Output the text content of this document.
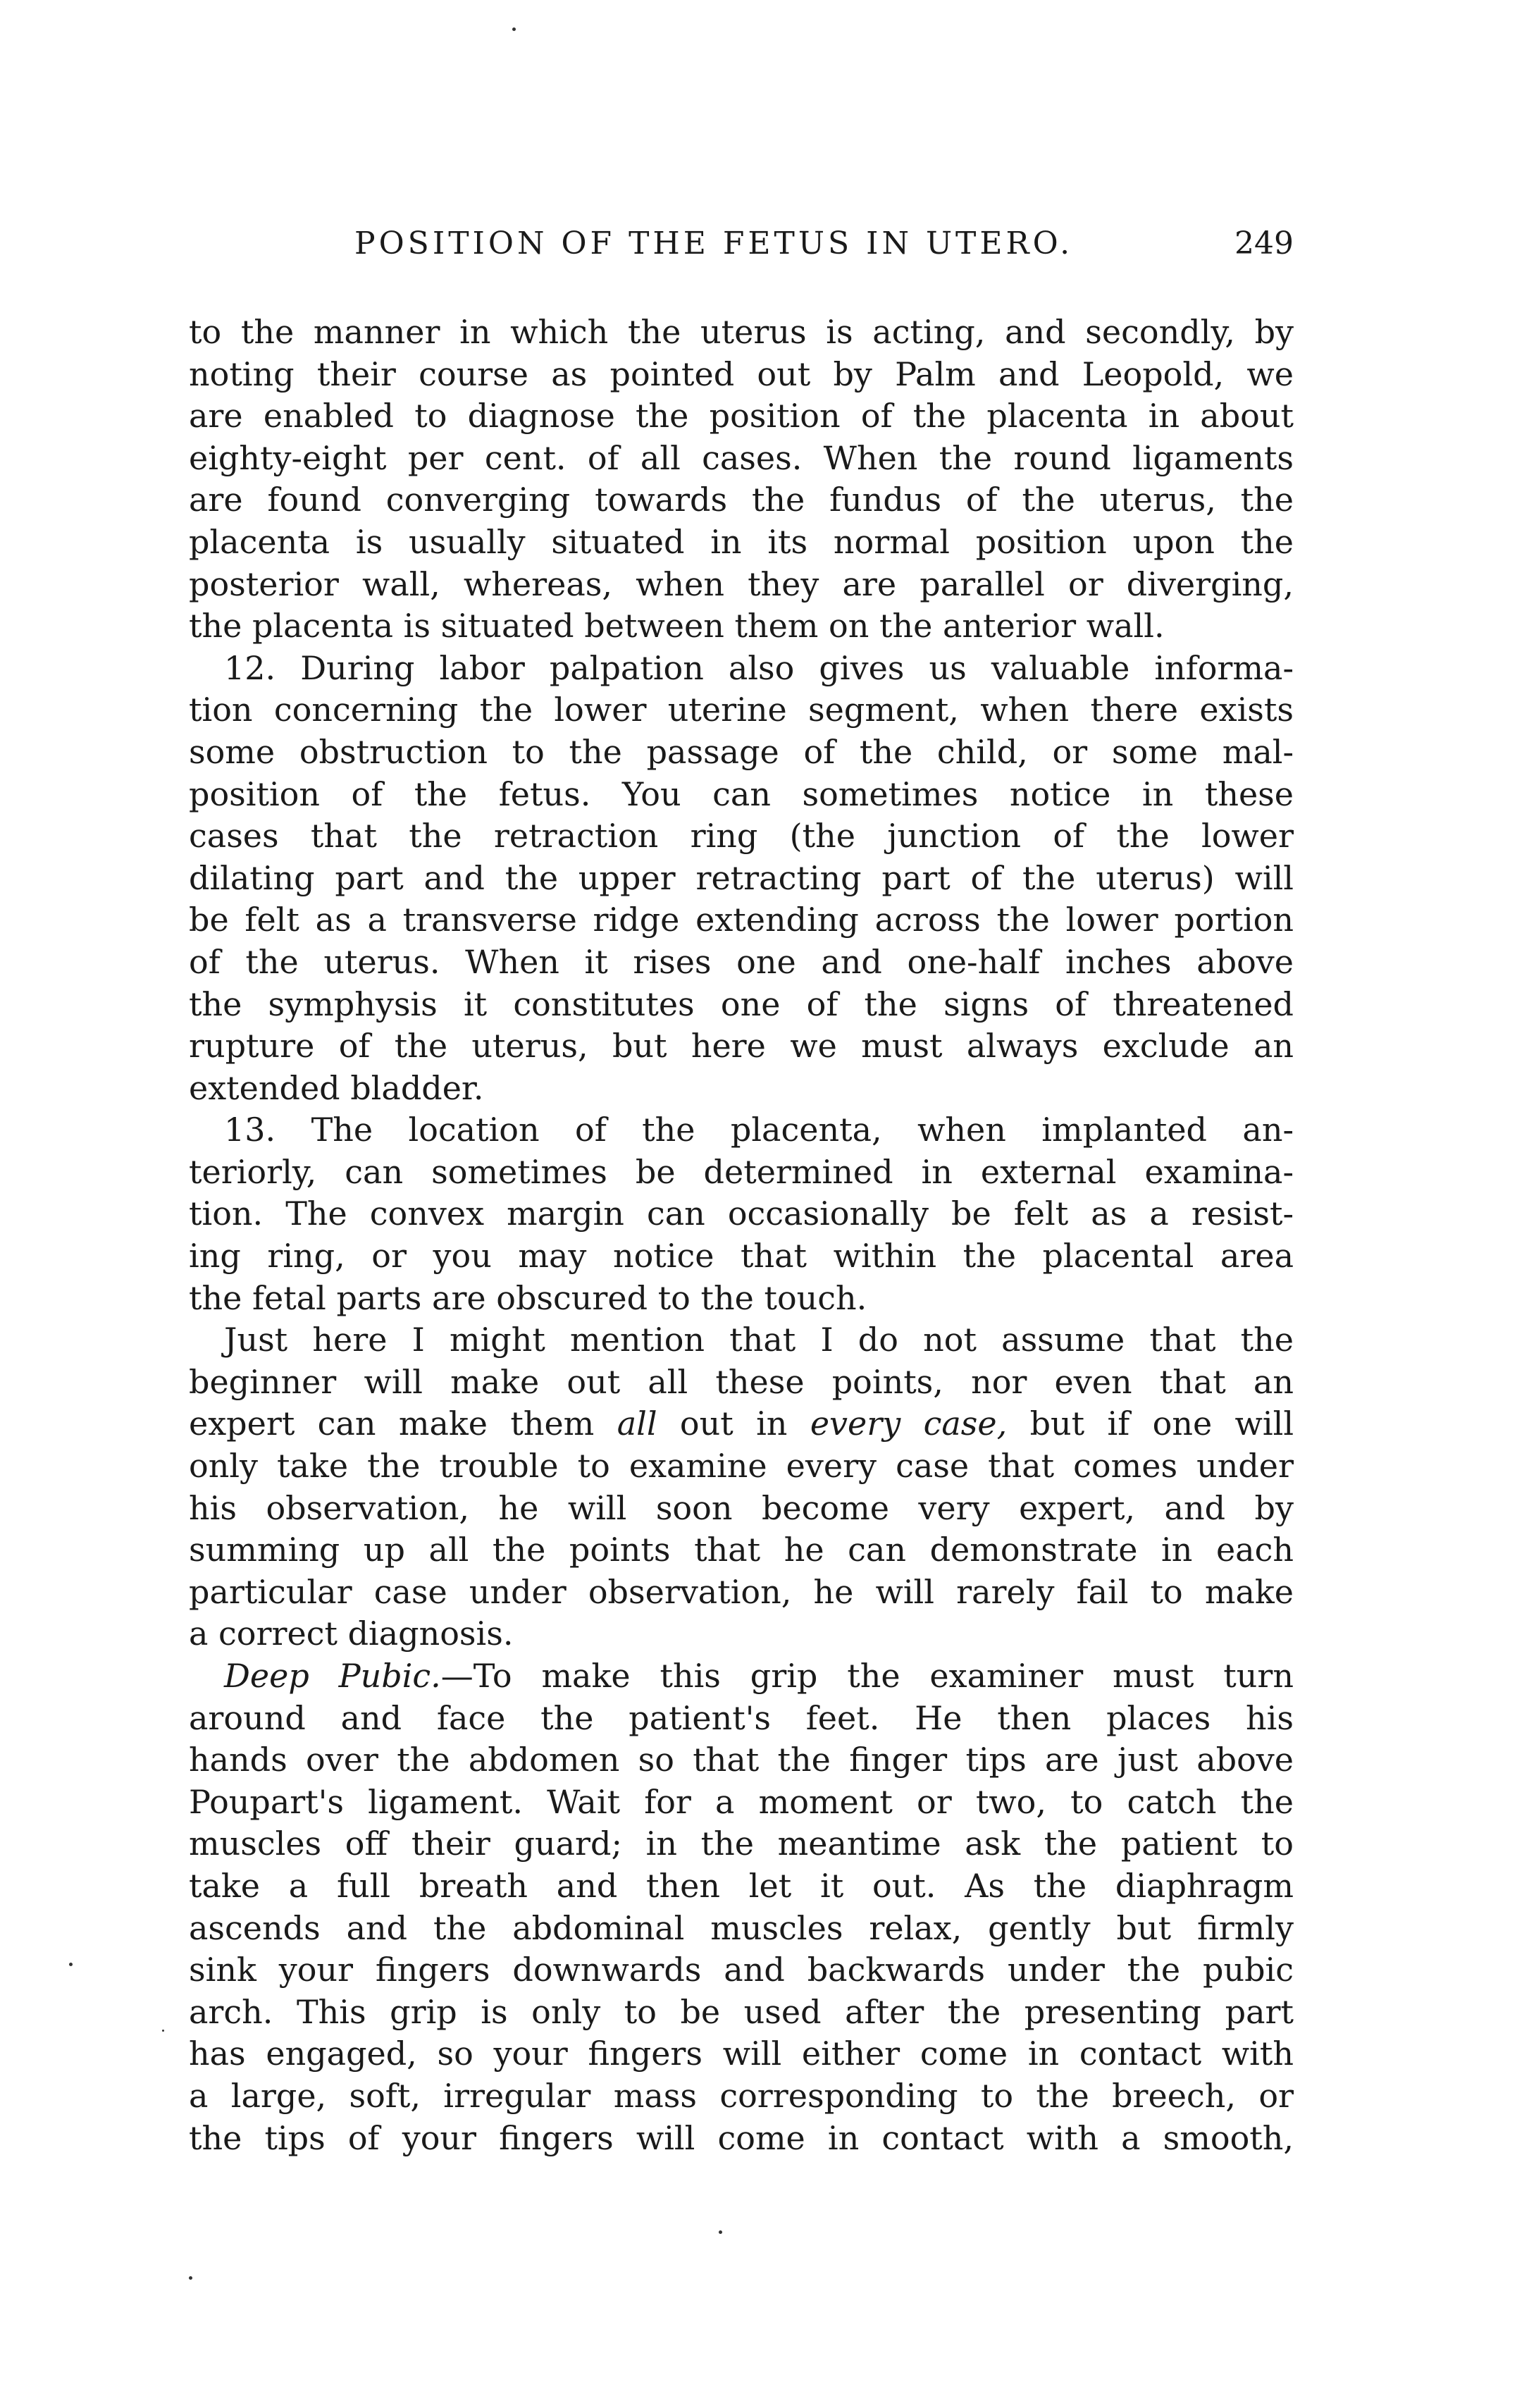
POSITION OF THE FETUS IN UTERO.	249
to the manner in which the uterus is acting, and secondly, by
noting their course as pointed out by Palm and Leopold, we
are enabled to diagnose the position of the placenta in about
eighty-eight per cent. of all cases. When the round ligaments
are found converging towards the fundus of the uterus, the
placenta is usually situated in its normal position upon the
posterior wall, whereas, when they are parallel or diverging,
the placenta is situated between them on the anterior wall.
12. During labor palpation also gives us valuable informa-
tion concerning the lower uterine segment, when there exists
some obstruction to the passage of the child, or some mal-
position of the fetus. You can sometimes notice in these
cases that the retraction ring (the junction of the lower
dilating part and the upper retracting part of the uterus) will
be felt as a transverse ridge extending across the lower portion
of the uterus. When it rises one and one-half inches above
the symphysis it constitutes one of the signs of threatened
rupture of the uterus, but here we must always exclude an
extended bladder.
13. The location of the placenta, when implanted an-
teriorly, can sometimes be determined in external examina-
tion. The convex margin can occasionally be felt as a resist-
ing ring, or you may notice that within the placental area
the fetal parts are obscured to the touch.
Just here I might mention that I do not assume that the
beginner will make out all these points, nor even that an
expert can make them all out in every case, but if one will
only take the trouble to examine every case that comes under
his observation, he will soon become very expert, and by
summing up all the points that he can demonstrate in each
particular case under observation, he will rarely fail to make
a correct diagnosis.
Deep Pubic.—To make this grip the examiner must turn
around and face the patient's feet. He then places his
hands over the abdomen so that the finger tips are just above
Poupart's ligament. Wait for a moment or two, to catch the
muscles off their guard; in the meantime ask the patient to
take a full breath and then let it out. As the diaphragm
ascends and the abdominal muscles relax, gently but firmly
sink your fingers downwards and backwards under the pubic
arch. This grip is only to be used after the presenting part
has engaged, so your fingers will either come in contact with
a large, soft, irregular mass corresponding to the breech, or
the tips of your fingers will come in contact with a smooth,
